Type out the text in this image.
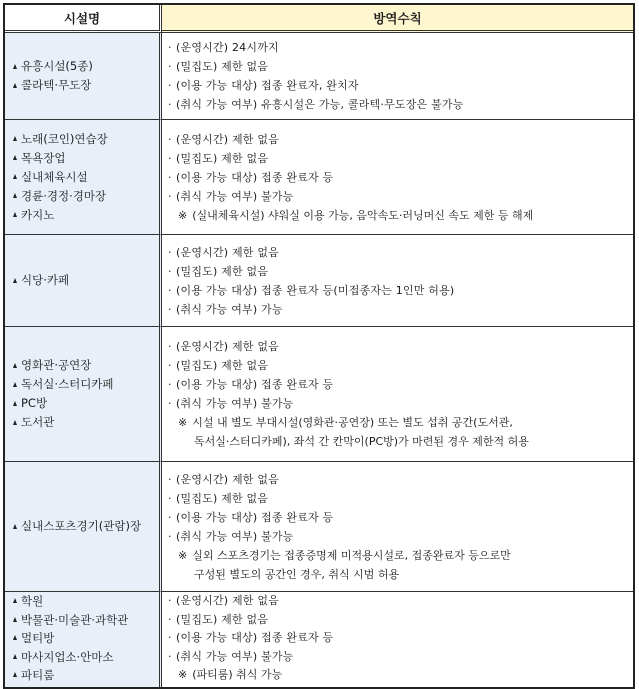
시설명	방역수칙
유흥시설(5종)
콜라텍·무도장
· (운영시간) 24시까지
· (밀집도) 제한 없음
· (이용 가능 대상) 접종 완료자, 완치자
· (취식 가능 여부) 유흥시설은 가능, 콜라텍·무도장은 불가능
노래(코인)연습장
목욕장업
실내체육시설
경륜·경정·경마장
카지노
· (운영시간) 제한 없음
· (밀집도) 제한 없음
· (이용 가능 대상) 접종 완료자 등
· (취식 가능 여부) 불가능
※ (실내체육시설) 샤워실 이용 가능, 음악속도·러닝머신 속도 제한 등 해제
식당·카페
· (운영시간) 제한 없음
· (밀집도) 제한 없음
· (이용 가능 대상) 접종 완료자 등(미접종자는 1인만 허용)
· (취식 가능 여부) 가능
영화관·공연장
독서실·스터디카페
PC방
도서관
· (운영시간) 제한 없음
· (밀집도) 제한 없음
· (이용 가능 대상) 접종 완료자 등
· (취식 가능 여부) 불가능
※ 시설 내 별도 부대시설(영화관·공연장) 또는 별도 섭취 공간(도서관,
독서실·스터디카페), 좌석 간 칸막이(PC방)가 마련된 경우 제한적 허용
실내스포츠경기(관람)장
· (운영시간) 제한 없음
· (밀집도) 제한 없음
· (이용 가능 대상) 접종 완료자 등
· (취식 가능 여부) 불가능
※ 실외 스포츠경기는 접종증명제 미적용시설로, 접종완료자 등으로만
구성된 별도의 공간인 경우, 취식 시범 허용
학원
박물관·미술관·과학관
멀티방
마사지업소·안마소
파티룸
· (운영시간) 제한 없음
· (밀집도) 제한 없음
· (이용 가능 대상) 접종 완료자 등
· (취식 가능 여부) 불가능
※ (파티룸) 취식 가능
